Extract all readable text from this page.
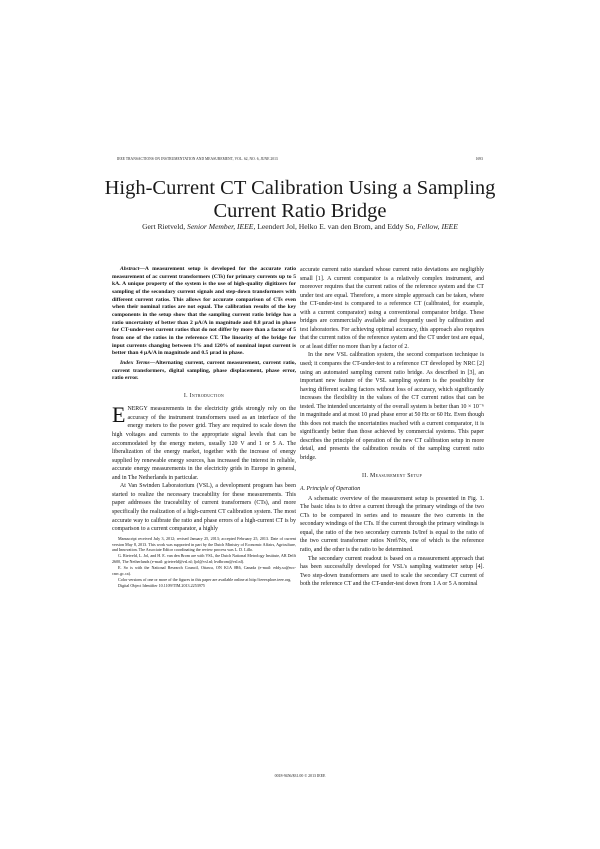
IEEE TRANSACTIONS ON INSTRUMENTATION AND MEASUREMENT, VOL. 62, NO. 6, JUNE 2013	1693
High-Current CT Calibration Using a Sampling Current Ratio Bridge
Gert Rietveld, Senior Member, IEEE, Leendert Jol, Helko E. van den Brom, and Eddy So, Fellow, IEEE

Abstract—A measurement setup is developed for the accurate ratio measurement of ac current transformers (CTs) for primary currents up to 5 kA. A unique property of the system is the use of high-quality digitizers for sampling of the secondary current signals and step-down transformers with different current ratios. This allows for accurate comparison of CTs even when their nominal ratios are not equal. The calibration results of the key components in the setup show that the sampling current ratio bridge has a ratio uncertainty of better than 2 μA/A in magnitude and 0.8 μrad in phase for CT-under-test current ratios that do not differ by more than a factor of 5 from one of the ratios in the reference CT. The linearity of the bridge for input currents changing between 1% and 120% of nominal input current is better than 4 μA/A in magnitude and 0.5 μrad in phase.

Index Terms—Alternating current, current measurement, current ratio, current transformers, digital sampling, phase displacement, phase error, ratio error.

I. Introduction

ENERGY measurements in the electricity grids strongly rely on the accuracy of the instrument transformers used as an interface of the energy meters to the power grid. They are required to scale down the high voltages and currents to the appropriate signal levels that can be accommodated by the energy meters, usually 120 V and 1 or 5 A. The liberalization of the energy market, together with the increase of energy supplied by renewable energy sources, has increased the interest in reliable, accurate energy measurements in the electricity grids in Europe in general, and in The Netherlands in particular.

At Van Swinden Laboratorium (VSL), a development program has been started to realize the necessary traceability for these measurements. This paper addresses the traceability of current transformers (CTs), and more specifically the realization of a high-current CT calibration system. The most accurate way to calibrate the ratio and phase errors of a high-current CT is by comparison to a current comparator, a highly

Manuscript received July 3, 2012; revised January 25, 2013; accepted February 25, 2013. Date of current version May 8, 2013. This work was supported in part by the Dutch Ministry of Economic Affairs, Agriculture, and Innovation. The Associate Editor coordinating the review process was L. D. Lillo.

G. Rietveld, L. Jol, and H. E. van den Brom are with VSL, the Dutch National Metrology Institute, AR Delft 2600, The Netherlands (e-mail: grietveld@vsl.nl; ljol@vsl.nl; hvdbrom@vsl.nl).

E. So is with the National Research Council, Ottawa, ON K1A 0R6, Canada (e-mail: eddy.so@nrc-cnrc.gc.ca).

Color versions of one or more of the figures in this paper are available online at http://ieeexplore.ieee.org.

Digital Object Identifier 10.1109/TIM.2013.2253975

accurate current ratio standard whose current ratio deviations are negligibly small [1]. A current comparator is a relatively complex instrument, and moreover requires that the current ratios of the reference system and the CT under test are equal. Therefore, a more simple approach can be taken, where the CT-under-test is compared to a reference CT (calibrated, for example, with a current comparator) using a conventional comparator bridge. These bridges are commercially available and frequently used by calibration and test laboratories. For achieving optimal accuracy, this approach also requires that the current ratios of the reference system and the CT under test are equal, or at least differ no more than by a factor of 2.

In the new VSL calibration system, the second comparison technique is used; it compares the CT-under-test to a reference CT developed by NRC [2] using an automated sampling current ratio bridge. As described in [3], an important new feature of the VSL sampling system is the possibility for having different scaling factors without loss of accuracy, which significantly increases the flexibility in the values of the CT current ratios that can be tested. The intended uncertainty of the overall system is better than 10 × 10⁻⁶ in magnitude and at most 10 μrad phase error at 50 Hz or 60 Hz. Even though this does not match the uncertainties reached with a current comparator, it is significantly better than those achieved by commercial systems. This paper describes the principle of operation of the new CT calibration setup in more detail, and presents the calibration results of the sampling current ratio bridge.

II. Measurement Setup
A. Principle of Operation

A schematic overview of the measurement setup is presented in Fig. 1. The basic idea is to drive a current through the primary windings of the two CTs to be compared in series and to measure the two currents in the secondary windings of the CTs. If the current through the primary windings is equal, the ratio of the two secondary currents Ix/Iref is equal to the ratio of the two current transformer ratios Nref/Nx, one of which is the reference ratio, and the other is the ratio to be determined.

The secondary current readout is based on a measurement approach that has been successfully developed for VSL's sampling wattmeter setup [4]. Two step-down transformers are used to scale the secondary CT current of both the reference CT and the CT-under-test down from 1 A or 5 A nominal

0018-9456/$31.00 © 2013 IEEE
